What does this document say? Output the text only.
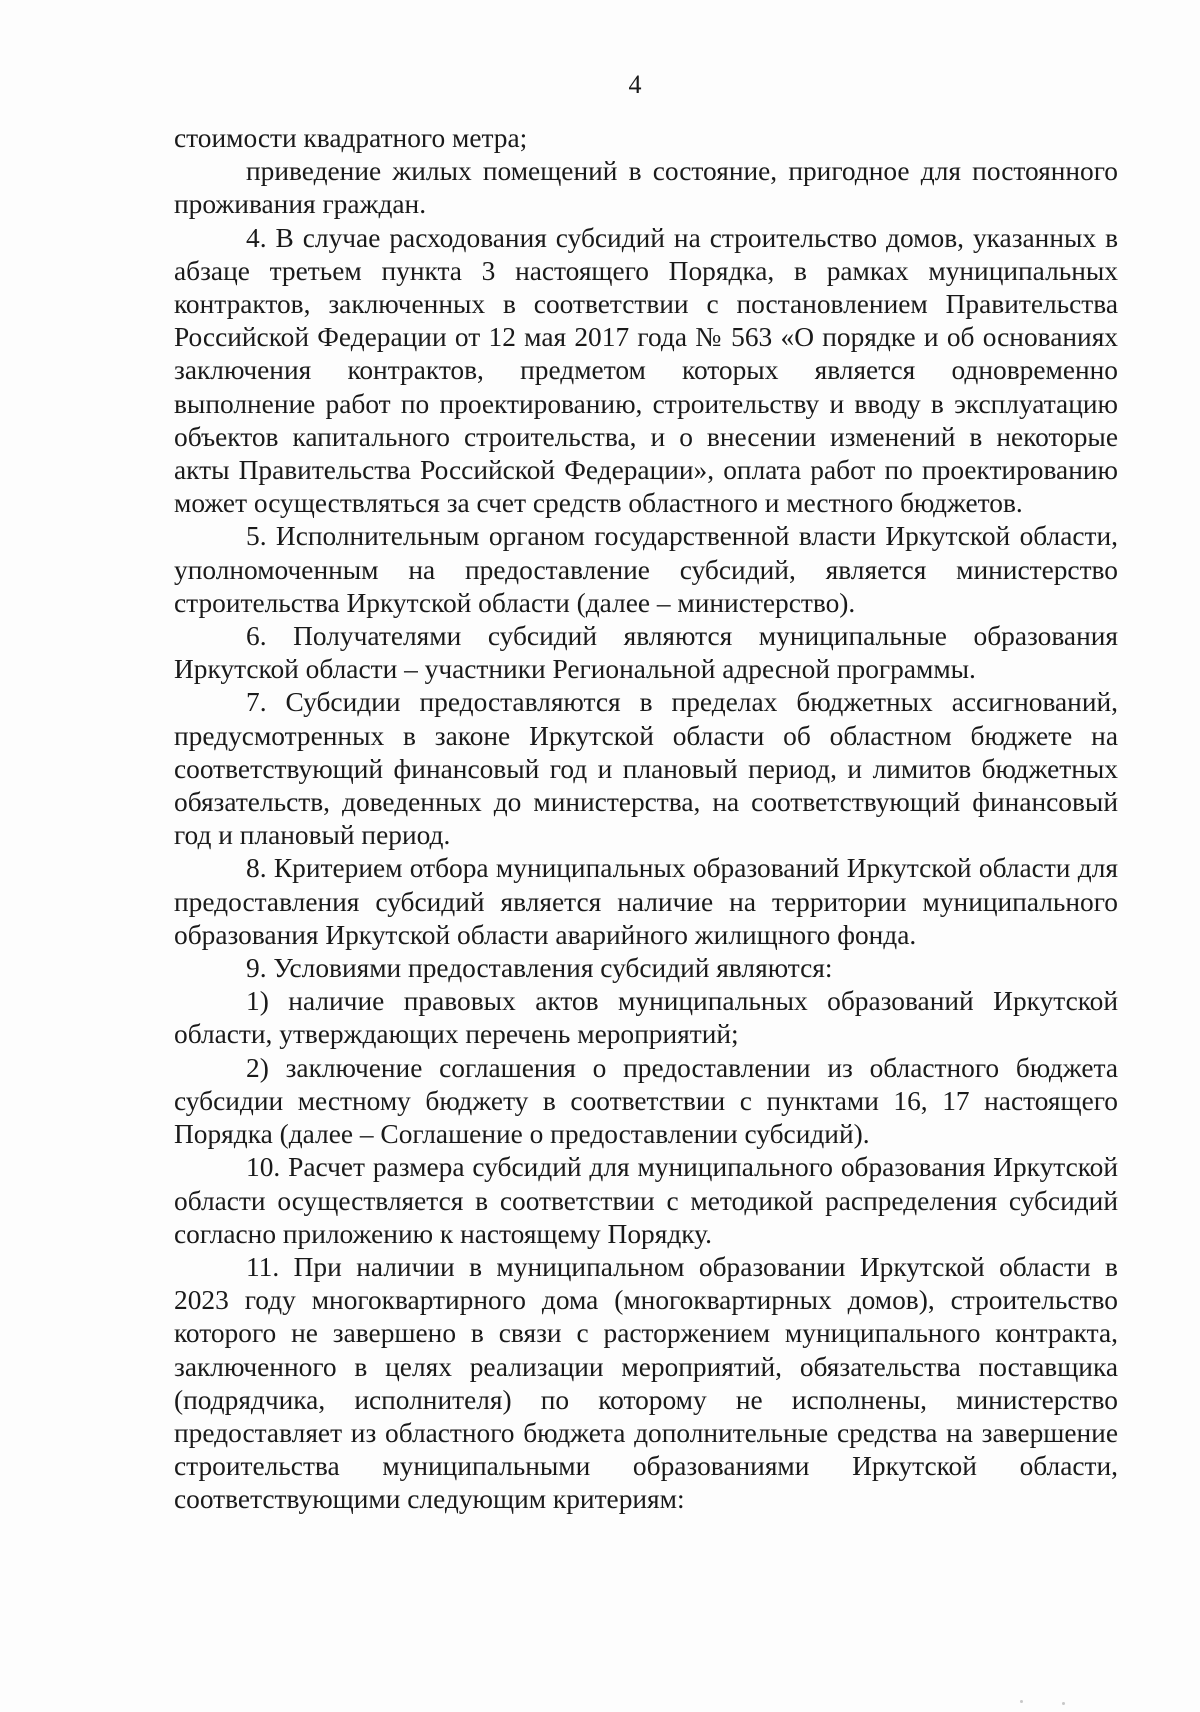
4

стоимости квадратного метра;

приведение жилых помещений в состояние, пригодное для постоянного проживания граждан.

4. В случае расходования субсидий на строительство домов, указанных в абзаце третьем пункта 3 настоящего Порядка, в рамках муниципальных контрактов, заключенных в соответствии с постановлением Правительства Российской Федерации от 12 мая 2017 года № 563 «О порядке и об основаниях заключения контрактов, предметом которых является одновременно выполнение работ по проектированию, строительству и вводу в эксплуатацию объектов капитального строительства, и о внесении изменений в некоторые акты Правительства Российской Федерации», оплата работ по проектированию может осуществляться за счет средств областного и местного бюджетов.

5. Исполнительным органом государственной власти Иркутской области, уполномоченным на предоставление субсидий, является министерство строительства Иркутской области (далее – министерство).

6. Получателями субсидий являются муниципальные образования Иркутской области – участники Региональной адресной программы.

7. Субсидии предоставляются в пределах бюджетных ассигнований, предусмотренных в законе Иркутской области об областном бюджете на соответствующий финансовый год и плановый период, и лимитов бюджетных обязательств, доведенных до министерства, на соответствующий финансовый год и плановый период.

8. Критерием отбора муниципальных образований Иркутской области для предоставления субсидий является наличие на территории муниципального образования Иркутской области аварийного жилищного фонда.

9. Условиями предоставления субсидий являются:

1) наличие правовых актов муниципальных образований Иркутской области, утверждающих перечень мероприятий;

2) заключение соглашения о предоставлении из областного бюджета субсидии местному бюджету в соответствии с пунктами 16, 17 настоящего Порядка (далее – Соглашение о предоставлении субсидий).

10. Расчет размера субсидий для муниципального образования Иркутской области осуществляется в соответствии с методикой распределения субсидий согласно приложению к настоящему Порядку.

11. При наличии в муниципальном образовании Иркутской области в 2023 году многоквартирного дома (многоквартирных домов), строительство которого не завершено в связи с расторжением муниципального контракта, заключенного в целях реализации мероприятий, обязательства поставщика (подрядчика, исполнителя) по которому не исполнены, министерство предоставляет из областного бюджета дополнительные средства на завершение строительства муниципальными образованиями Иркутской области, соответствующими следующим критериям:
